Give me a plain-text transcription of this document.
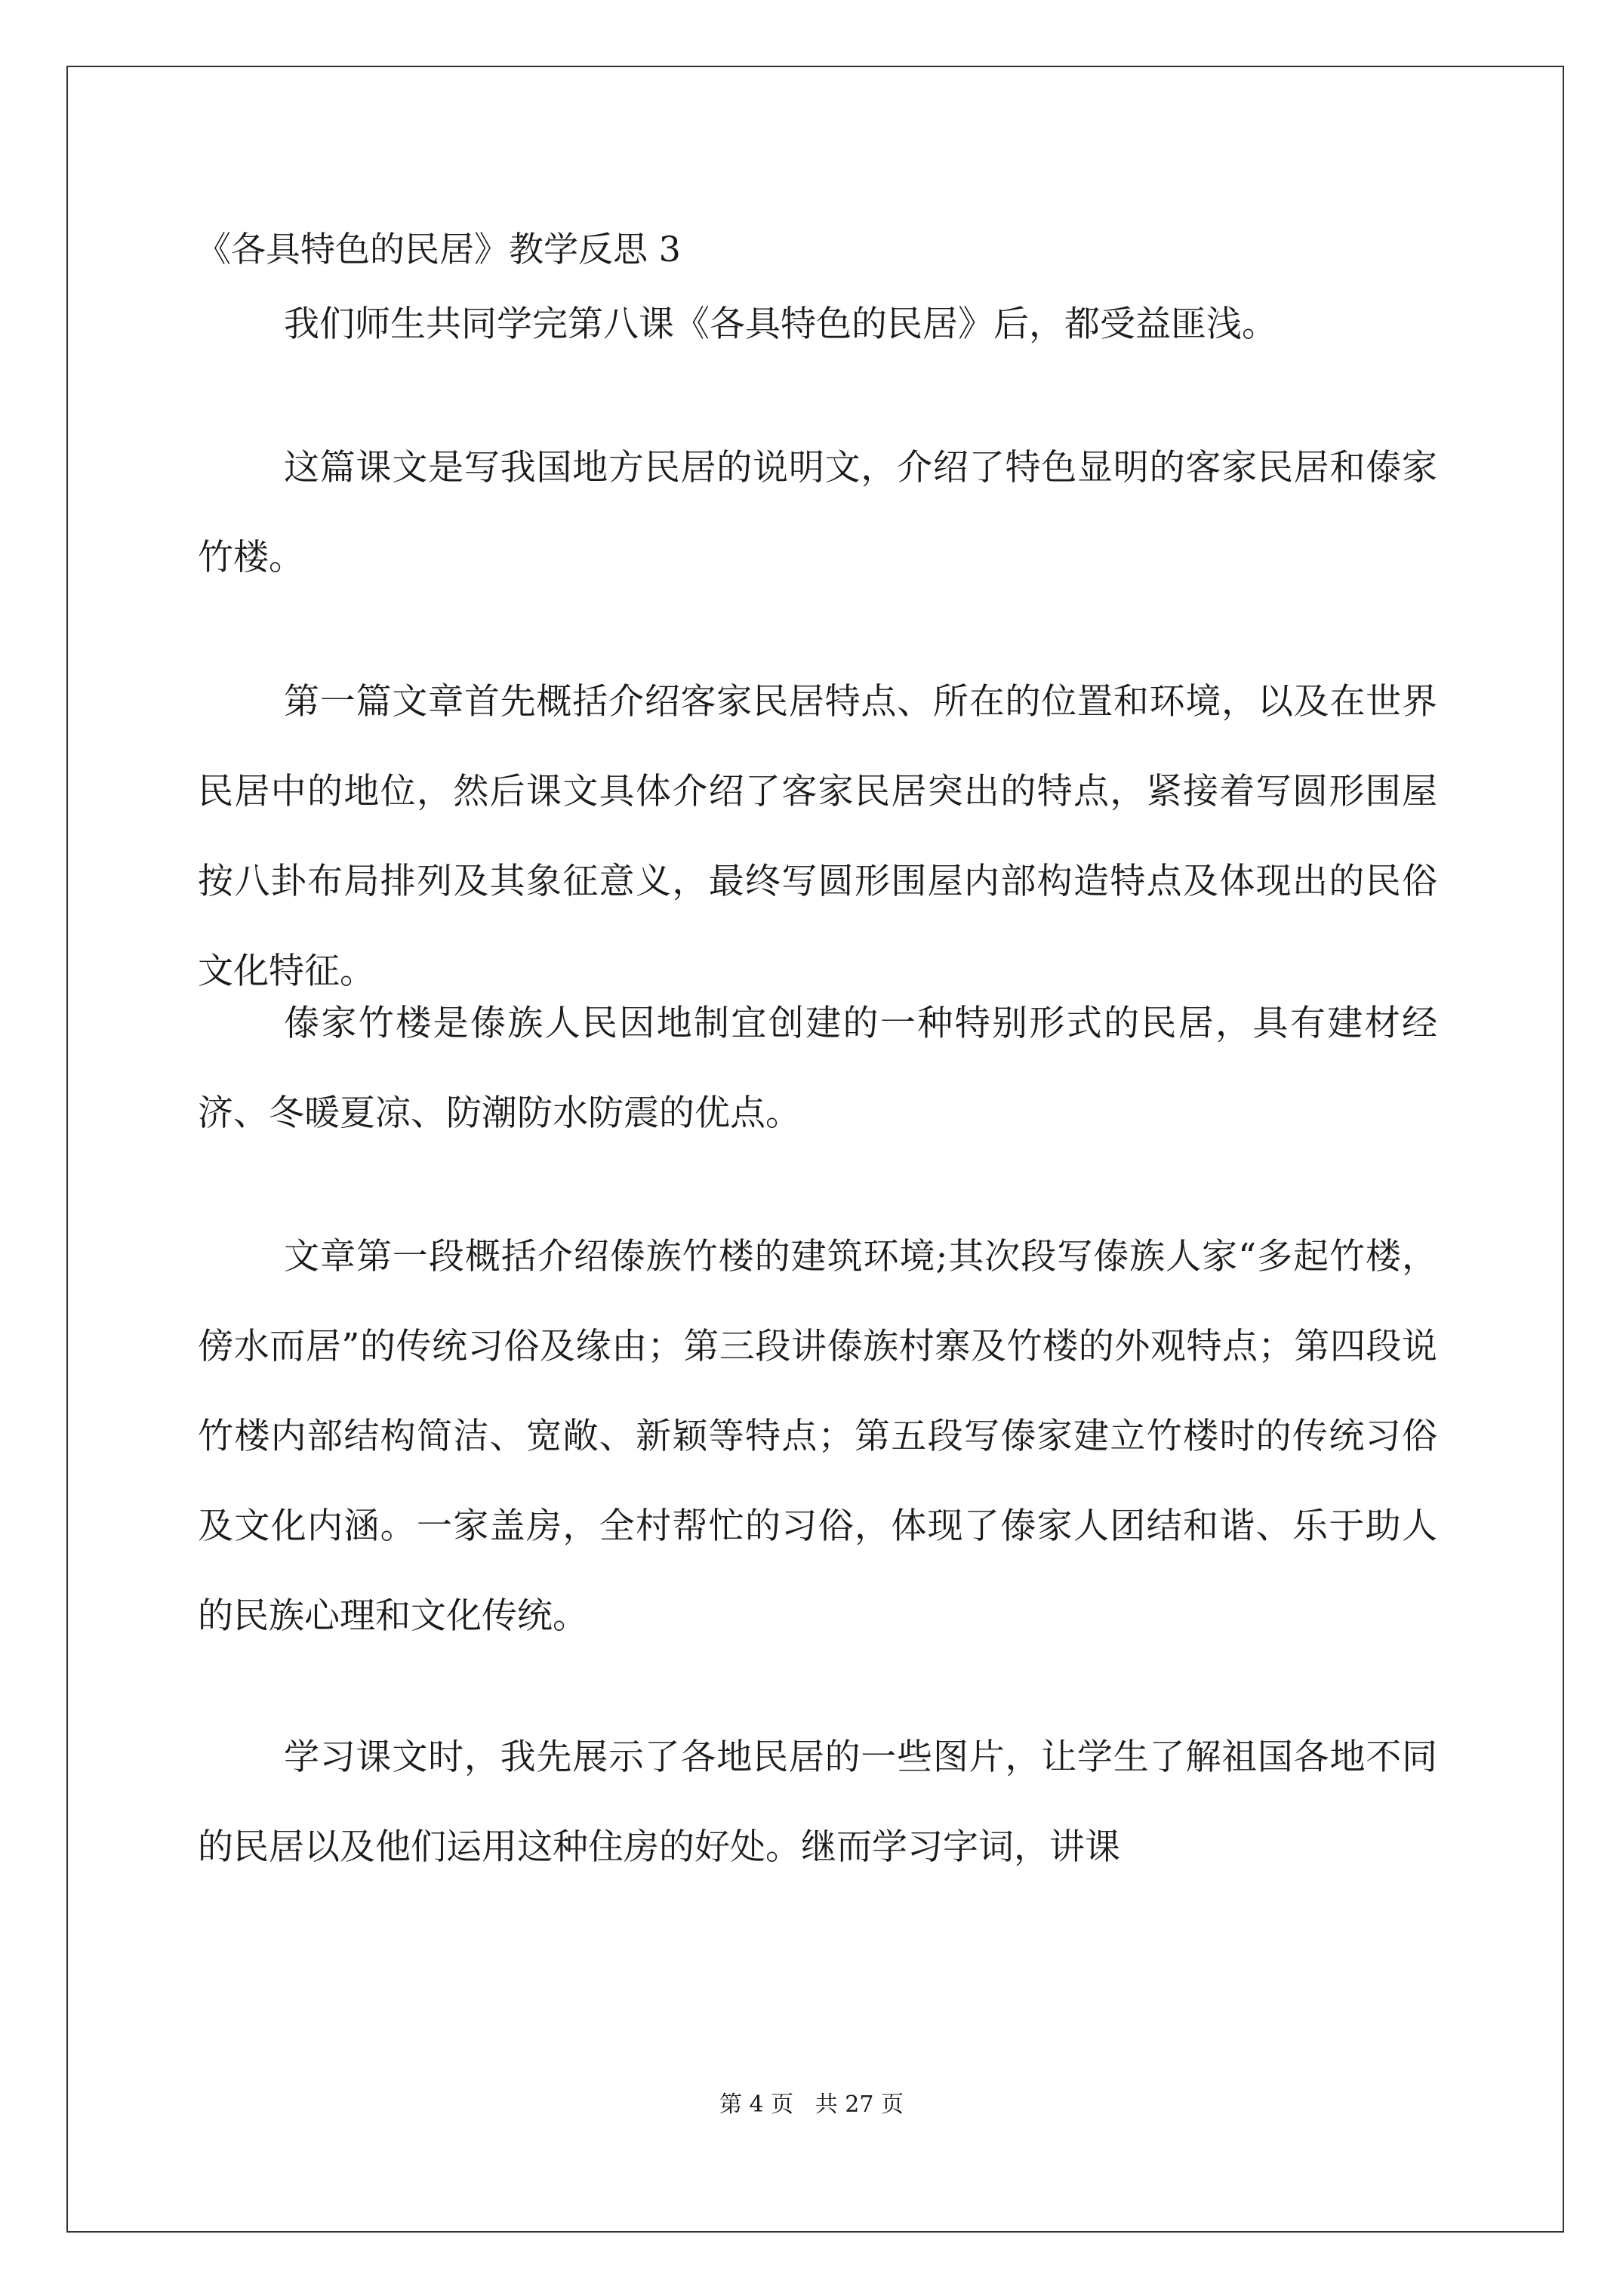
《各具特色的民居》教学反思 3

我们师生共同学完第八课《各具特色的民居》后，都受益匪浅。

这篇课文是写我国地方民居的说明文，介绍了特色显明的客家民居和傣家竹楼。

第一篇文章首先概括介绍客家民居特点、所在的位置和环境，以及在世界民居中的地位，然后课文具体介绍了客家民居突出的特点，紧接着写圆形围屋按八卦布局排列及其象征意义，最终写圆形围屋内部构造特点及体现出的民俗文化特征。

傣家竹楼是傣族人民因地制宜创建的一种特别形式的民居，具有建材经济、冬暖夏凉、防潮防水防震的优点。

文章第一段概括介绍傣族竹楼的建筑环境;其次段写傣族人家“多起竹楼，傍水而居”的传统习俗及缘由；第三段讲傣族村寨及竹楼的外观特点；第四段说竹楼内部结构简洁、宽敞、新颖等特点；第五段写傣家建立竹楼时的传统习俗及文化内涵。一家盖房，全村帮忙的习俗，体现了傣家人团结和谐、乐于助人的民族心理和文化传统。

学习课文时，我先展示了各地民居的一些图片，让学生了解祖国各地不同的民居以及他们运用这种住房的好处。继而学习字词，讲课

第 4 页   共 27 页
